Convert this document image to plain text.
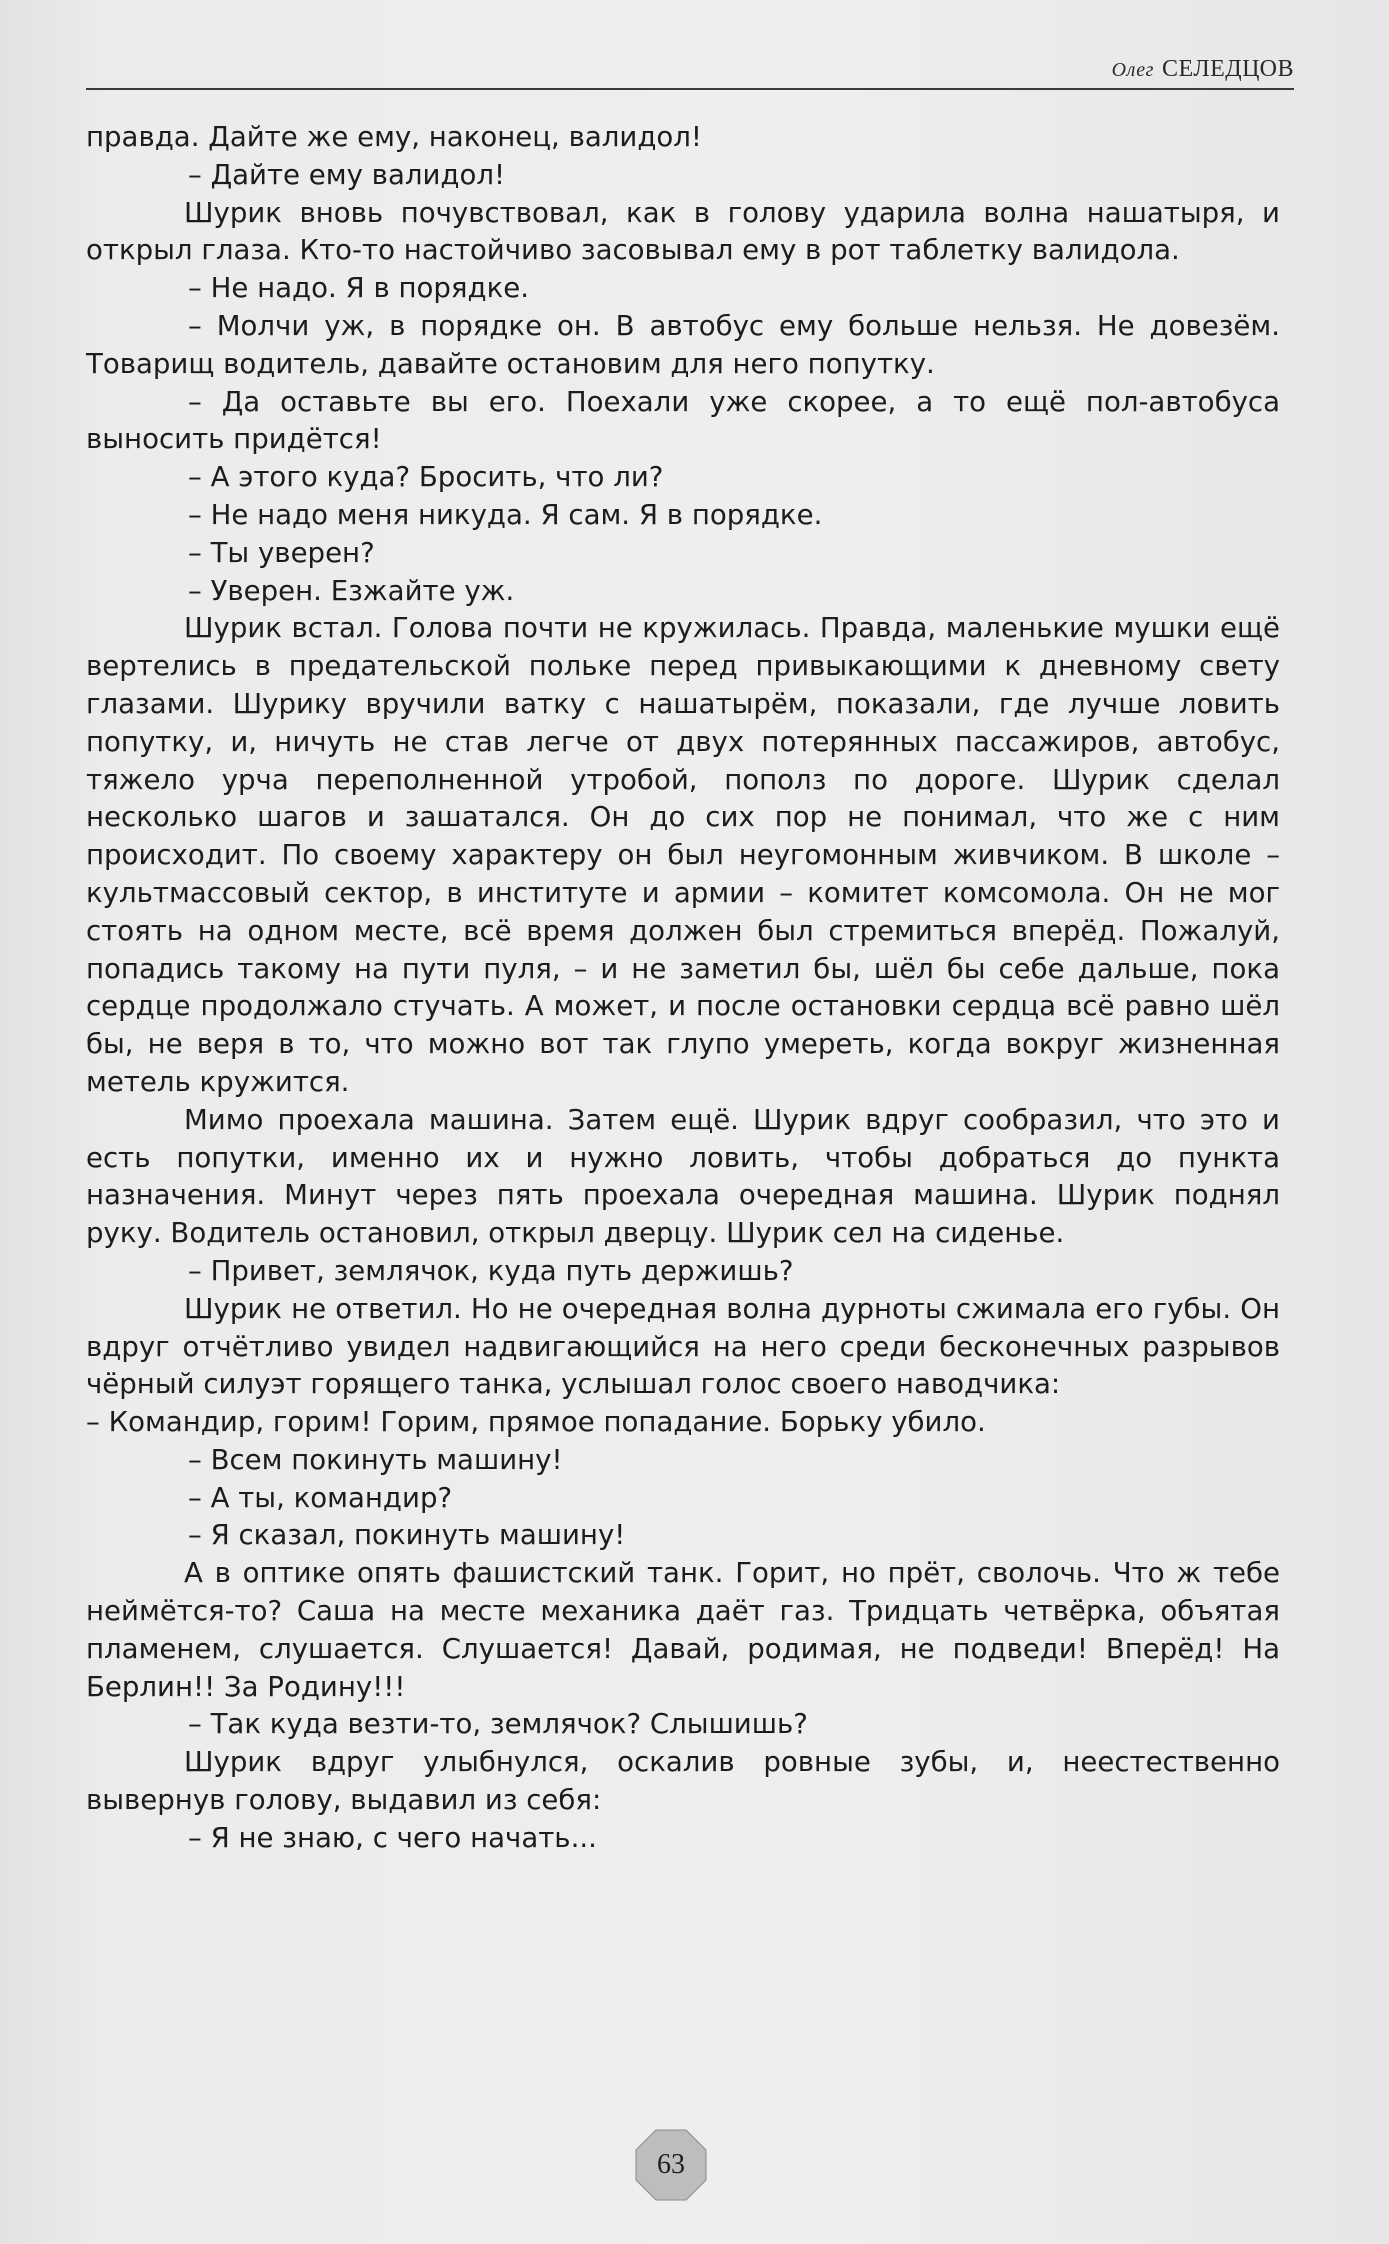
Олег СЕЛЕДЦОВ

правда. Дайте же ему, наконец, валидол!

– Дайте ему валидол!

Шурик вновь почувствовал, как в голову ударила волна нашатыря, и открыл глаза. Кто-то настойчиво засовывал ему в рот таблетку валидола.

– Не надо. Я в порядке.

– Молчи уж, в порядке он. В автобус ему больше нельзя. Не довезём. Товарищ водитель, давайте остановим для него попутку.

– Да оставьте вы его. Поехали уже скорее, а то ещё пол-автобуса выносить придётся!

– А этого куда? Бросить, что ли?

– Не надо меня никуда. Я сам. Я в порядке.

– Ты уверен?

– Уверен. Езжайте уж.

Шурик встал. Голова почти не кружилась. Правда, маленькие мушки ещё вертелись в предательской польке перед привыкающими к дневному свету глазами. Шурику вручили ватку с нашатырём, показали, где лучше ловить попутку, и, ничуть не став легче от двух потерянных пассажиров, автобус, тяжело урча переполненной утробой, пополз по дороге. Шурик сделал несколько шагов и зашатался. Он до сих пор не понимал, что же с ним происходит. По своему характеру он был неугомонным живчиком. В школе – культмассовый сектор, в институте и армии – комитет комсомола. Он не мог стоять на одном месте, всё время должен был стремиться вперёд. Пожалуй, попадись такому на пути пуля, – и не заметил бы, шёл бы себе дальше, пока сердце продолжало стучать. А может, и после остановки сердца всё равно шёл бы, не веря в то, что можно вот так глупо умереть, когда вокруг жизненная метель кружится.

Мимо проехала машина. Затем ещё. Шурик вдруг сообразил, что это и есть попутки, именно их и нужно ловить, чтобы добраться до пункта назначения. Минут через пять проехала очередная машина. Шурик поднял руку. Водитель остановил, открыл дверцу. Шурик сел на сиденье.

– Привет, землячок, куда путь держишь?

Шурик не ответил. Но не очередная волна дурноты сжимала его губы. Он вдруг отчётливо увидел надвигающийся на него среди бесконечных разрывов чёрный силуэт горящего танка, услышал голос своего наводчика:

– Командир, горим! Горим, прямое попадание. Борьку убило.

– Всем покинуть машину!

– А ты, командир?

– Я сказал, покинуть машину!

А в оптике опять фашистский танк. Горит, но прёт, сволочь. Что ж тебе неймётся-то? Саша на месте механика даёт газ. Тридцать четвёрка, объятая пламенем, слушается. Слушается! Давай, родимая, не подведи! Вперёд! На Берлин!! За Родину!!!

– Так куда везти-то, землячок? Слышишь?

Шурик вдруг улыбнулся, оскалив ровные зубы, и, неестественно вывернув голову, выдавил из себя:

– Я не знаю, с чего начать...

63
